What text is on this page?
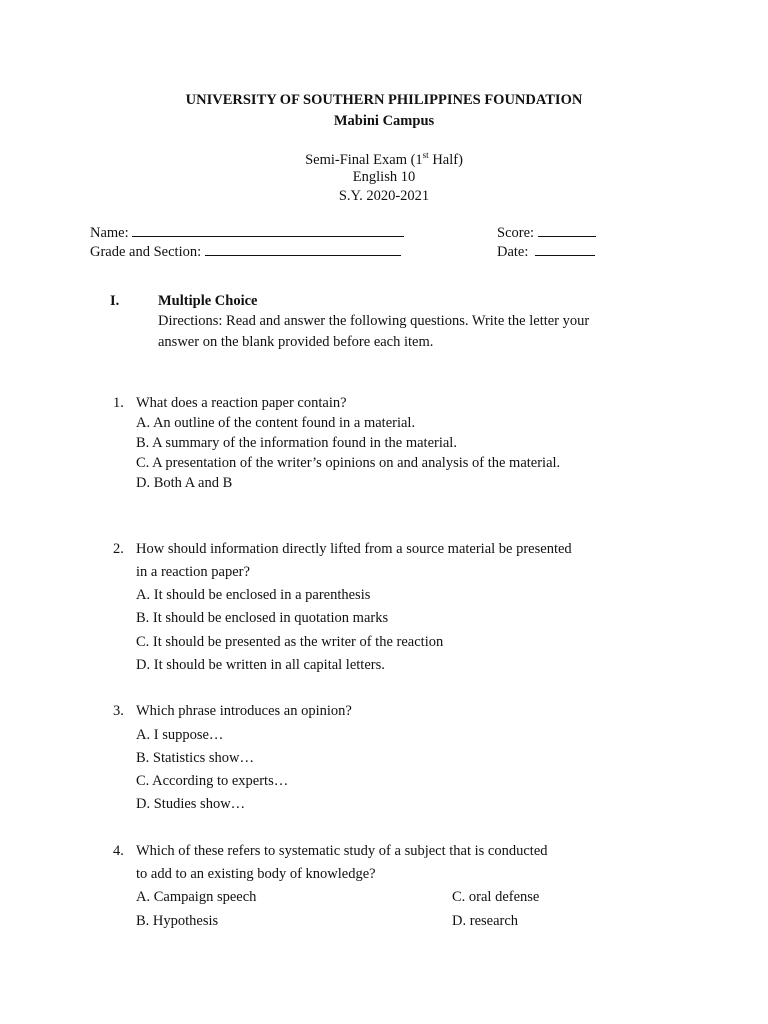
UNIVERSITY OF SOUTHERN PHILIPPINES FOUNDATION
Mabini Campus
Semi-Final Exam (1st Half)
English 10
S.Y. 2020-2021
Name:
Grade and Section:
Score:
Date:
I.	Multiple Choice
Directions: Read and answer the following questions. Write the letter your
answer on the blank provided before each item.
1. What does a reaction paper contain?
A. An outline of the content found in a material.
B. A summary of the information found in the material.
C. A presentation of the writer’s opinions on and analysis of the material.
D. Both A and B
2. How should information directly lifted from a source material be presented
in a reaction paper?
A. It should be enclosed in a parenthesis
B. It should be enclosed in quotation marks
C. It should be presented as the writer of the reaction
D. It should be written in all capital letters.
3. Which phrase introduces an opinion?
A. I suppose…
B. Statistics show…
C. According to experts…
D. Studies show…
4. Which of these refers to systematic study of a subject that is conducted
to add to an existing body of knowledge?
A. Campaign speech
B. Hypothesis
C. oral defense
D. research
